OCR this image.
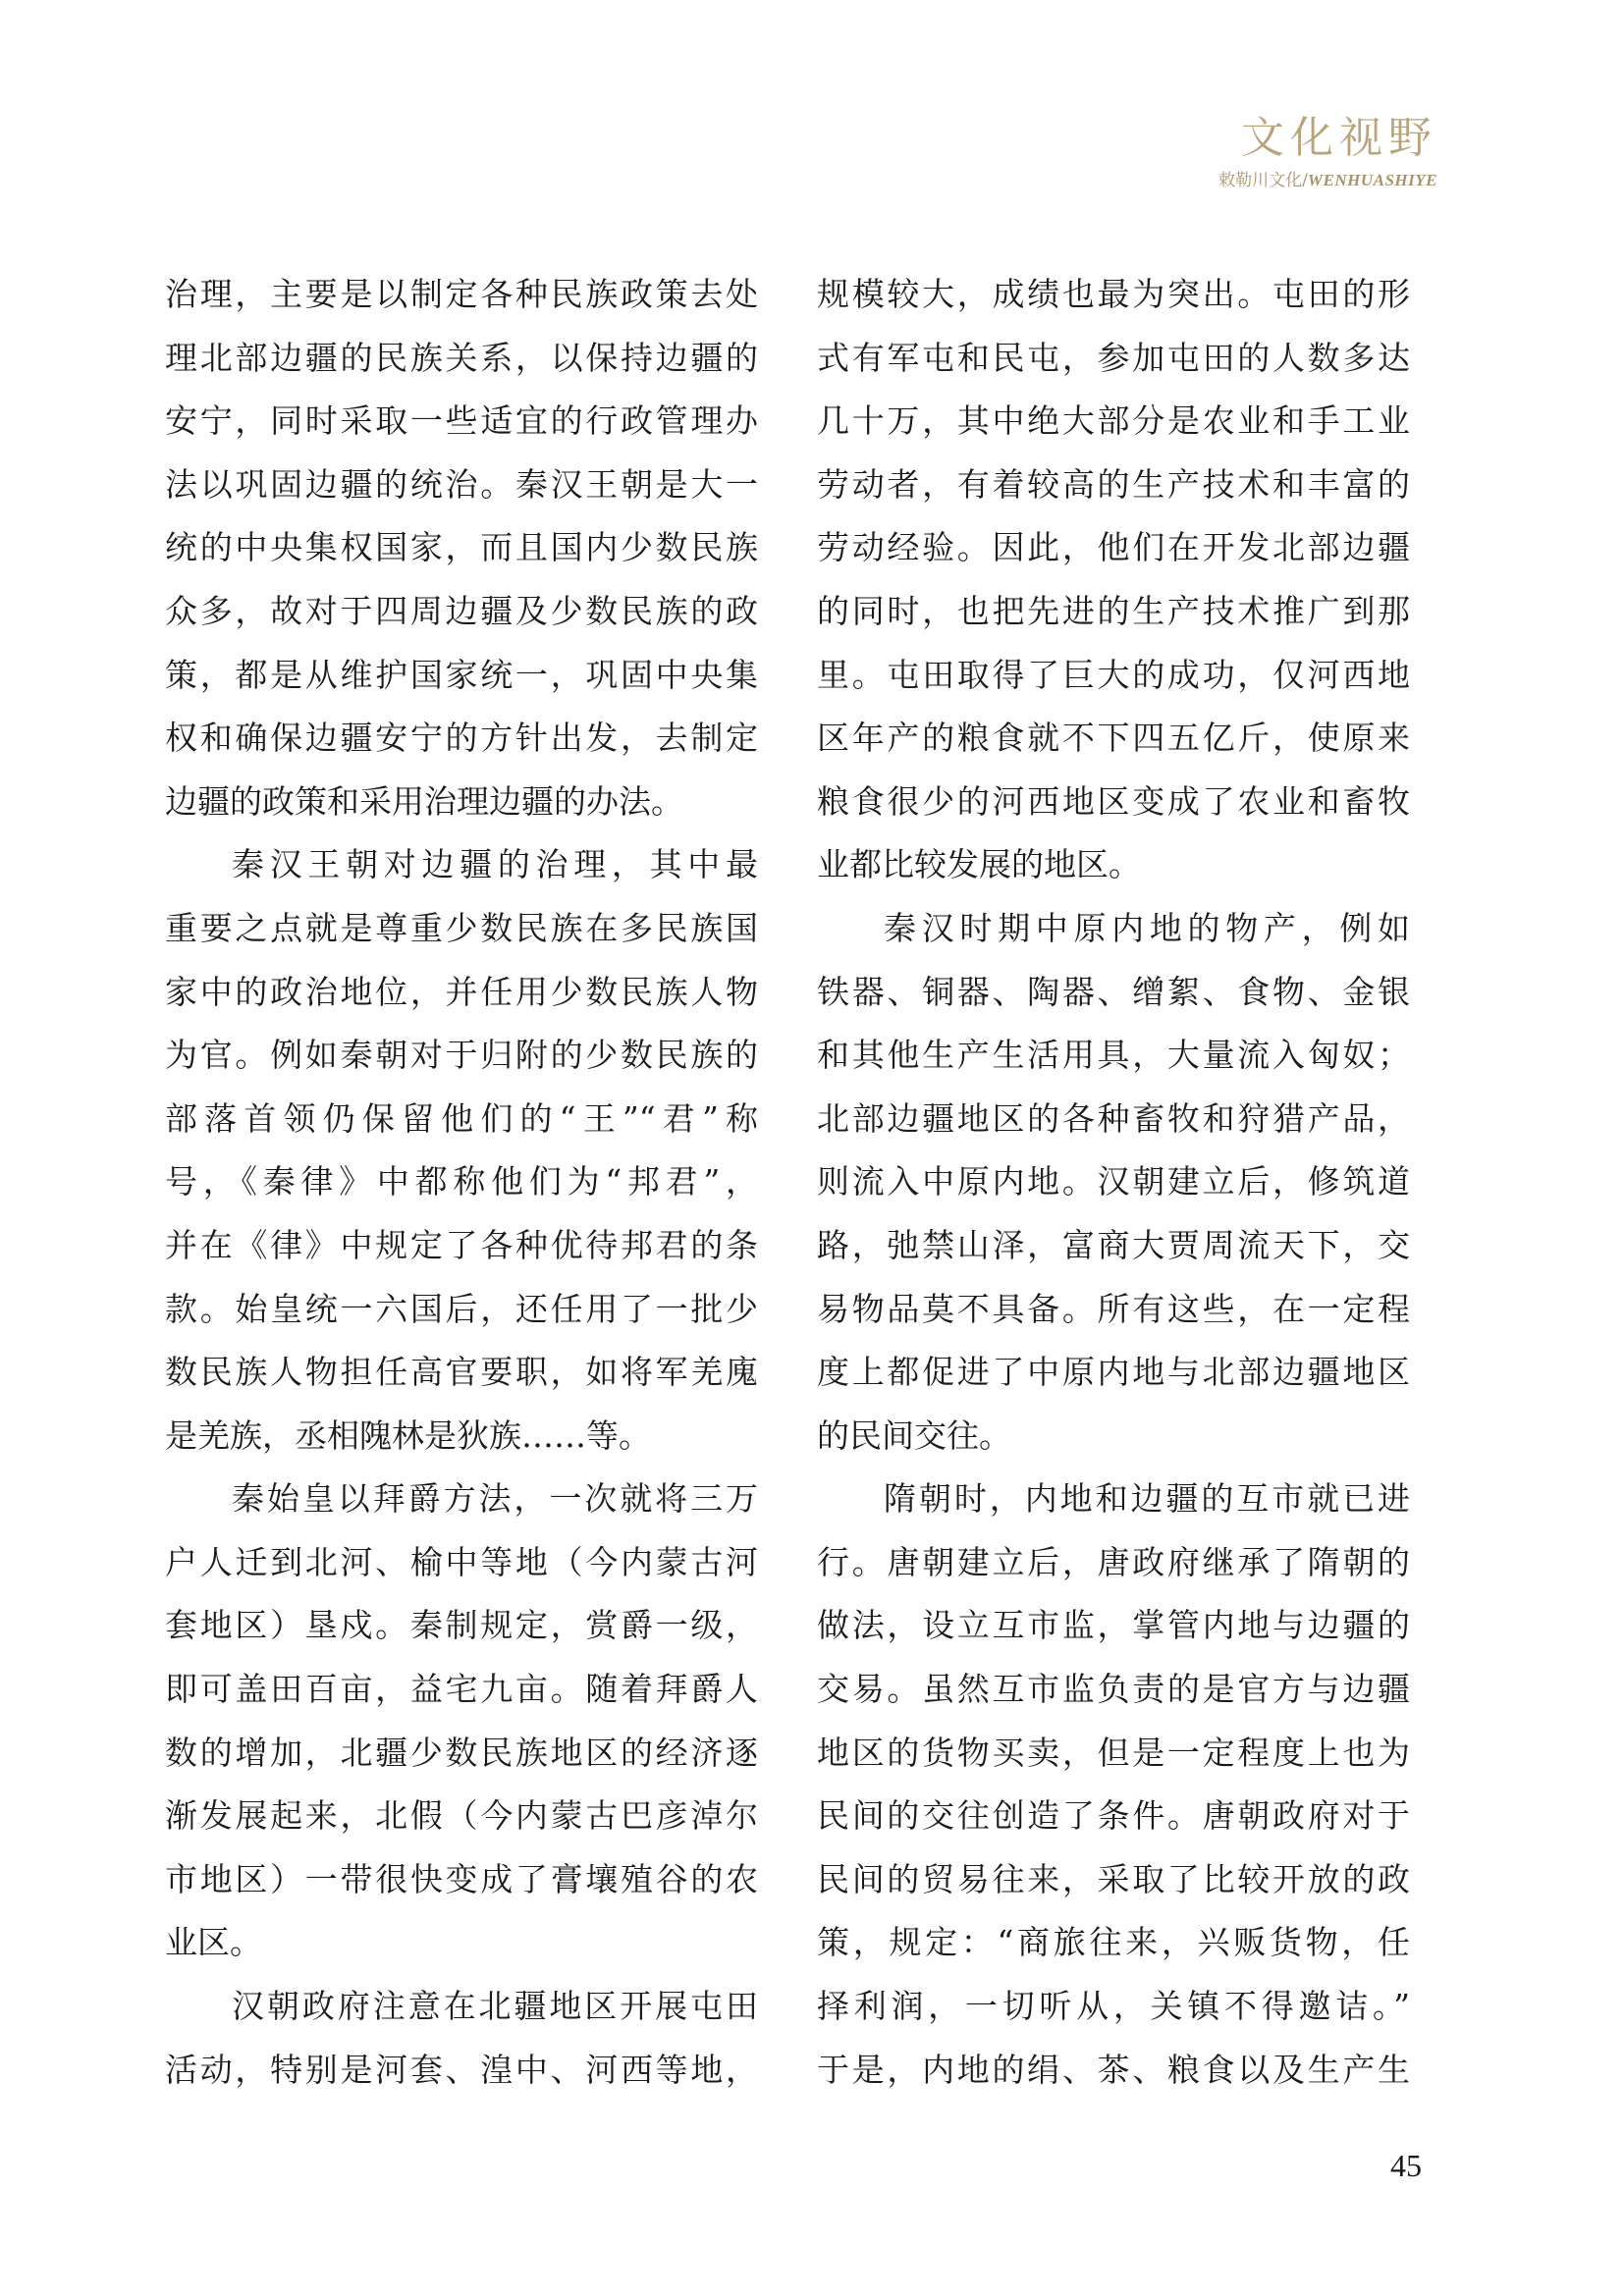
文化视野
敕勒川文化/WENHUASHIYE
治理，主要是以制定各种民族政策去处
理北部边疆的民族关系，以保持边疆的
安宁，同时采取一些适宜的行政管理办
法以巩固边疆的统治。秦汉王朝是大一
统的中央集权国家，而且国内少数民族
众多，故对于四周边疆及少数民族的政
策，都是从维护国家统一，巩固中央集
权和确保边疆安宁的方针出发，去制定
边疆的政策和采用治理边疆的办法。
秦汉王朝对边疆的治理，其中最
重要之点就是尊重少数民族在多民族国
家中的政治地位，并任用少数民族人物
为官。例如秦朝对于归附的少数民族的
部落首领仍保留他们的“王”“君”称
号，《秦律》中都称他们为“邦君”，
并在《律》中规定了各种优待邦君的条
款。始皇统一六国后，还任用了一批少
数民族人物担任高官要职，如将军羌廆
是羌族，丞相隗林是狄族……等。
秦始皇以拜爵方法，一次就将三万
户人迁到北河、榆中等地（今内蒙古河
套地区）垦戍。秦制规定，赏爵一级，
即可盖田百亩，益宅九亩。随着拜爵人
数的增加，北疆少数民族地区的经济逐
渐发展起来，北假（今内蒙古巴彦淖尔
市地区）一带很快变成了膏壤殖谷的农
业区。
汉朝政府注意在北疆地区开展屯田
活动，特别是河套、湟中、河西等地，
规模较大，成绩也最为突出。屯田的形
式有军屯和民屯，参加屯田的人数多达
几十万，其中绝大部分是农业和手工业
劳动者，有着较高的生产技术和丰富的
劳动经验。因此，他们在开发北部边疆
的同时，也把先进的生产技术推广到那
里。屯田取得了巨大的成功，仅河西地
区年产的粮食就不下四五亿斤，使原来
粮食很少的河西地区变成了农业和畜牧
业都比较发展的地区。
秦汉时期中原内地的物产，例如
铁器、铜器、陶器、缯絮、食物、金银
和其他生产生活用具，大量流入匈奴；
北部边疆地区的各种畜牧和狩猎产品，
则流入中原内地。汉朝建立后，修筑道
路，弛禁山泽，富商大贾周流天下，交
易物品莫不具备。所有这些，在一定程
度上都促进了中原内地与北部边疆地区
的民间交往。
隋朝时，内地和边疆的互市就已进
行。唐朝建立后，唐政府继承了隋朝的
做法，设立互市监，掌管内地与边疆的
交易。虽然互市监负责的是官方与边疆
地区的货物买卖，但是一定程度上也为
民间的交往创造了条件。唐朝政府对于
民间的贸易往来，采取了比较开放的政
策，规定：“商旅往来，兴贩货物，任
择利润，一切听从，关镇不得邀诘。”
于是，内地的绢、茶、粮食以及生产生
45
